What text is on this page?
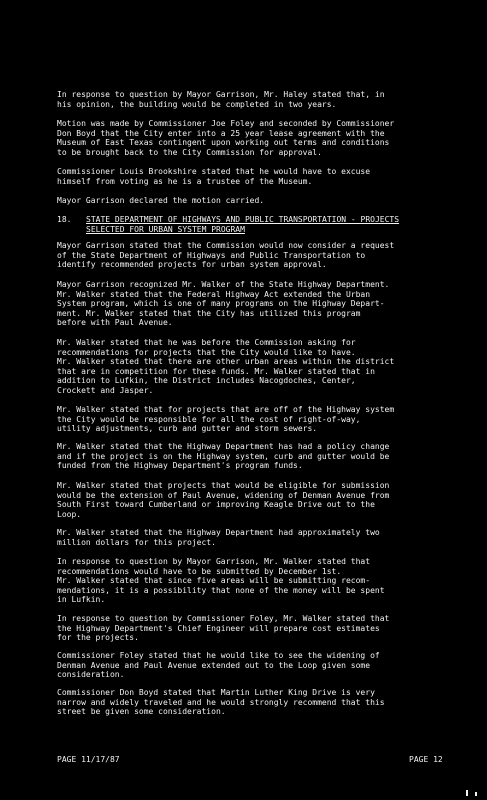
In response to question by Mayor Garrison, Mr. Haley stated that, in
his opinion, the building would be completed in two years.

Motion was made by Commissioner Joe Foley and seconded by Commissioner
Don Boyd that the City enter into a 25 year lease agreement with the
Museum of East Texas contingent upon working out terms and conditions
to be brought back to the City Commission for approval.

Commissioner Louis Brookshire stated that he would have to excuse
himself from voting as he is a trustee of the Museum.

Mayor Garrison declared the motion carried.

18. STATE DEPARTMENT OF HIGHWAYS AND PUBLIC TRANSPORTATION - PROJECTS
SELECTED FOR URBAN SYSTEM PROGRAM

Mayor Garrison stated that the Commission would now consider a request
of the State Department of Highways and Public Transportation to
identify recommended projects for urban system approval.

Mayor Garrison recognized Mr. Walker of the State Highway Department.
Mr. Walker stated that the Federal Highway Act extended the Urban
System program, which is one of many programs on the Highway Depart-
ment. Mr. Walker stated that the City has utilized this program
before with Paul Avenue.

Mr. Walker stated that he was before the Commission asking for
recommendations for projects that the City would like to have.
Mr. Walker stated that there are other urban areas within the district
that are in competition for these funds. Mr. Walker stated that in
addition to Lufkin, the District includes Nacogdoches, Center,
Crockett and Jasper.

Mr. Walker stated that for projects that are off of the Highway system
the City would be responsible for all the cost of right-of-way,
utility adjustments, curb and gutter and storm sewers.

Mr. Walker stated that the Highway Department has had a policy change
and if the project is on the Highway system, curb and gutter would be
funded from the Highway Department's program funds.

Mr. Walker stated that projects that would be eligible for submission
would be the extension of Paul Avenue, widening of Denman Avenue from
South First toward Cumberland or improving Keagle Drive out to the
Loop.

Mr. Walker stated that the Highway Department had approximately two
million dollars for this project.

In response to question by Mayor Garrison, Mr. Walker stated that
recommendations would have to be submitted by December 1st.
Mr. Walker stated that since five areas will be submitting recom-
mendations, it is a possibility that none of the money will be spent
in Lufkin.

In response to question by Commissioner Foley, Mr. Walker stated that
the Highway Department's Chief Engineer will prepare cost estimates
for the projects.

Commissioner Foley stated that he would like to see the widening of
Denman Avenue and Paul Avenue extended out to the Loop given some
consideration.

Commissioner Don Boyd stated that Martin Luther King Drive is very
narrow and widely traveled and he would strongly recommend that this
street be given some consideration.

PAGE 11/17/87	PAGE 12
